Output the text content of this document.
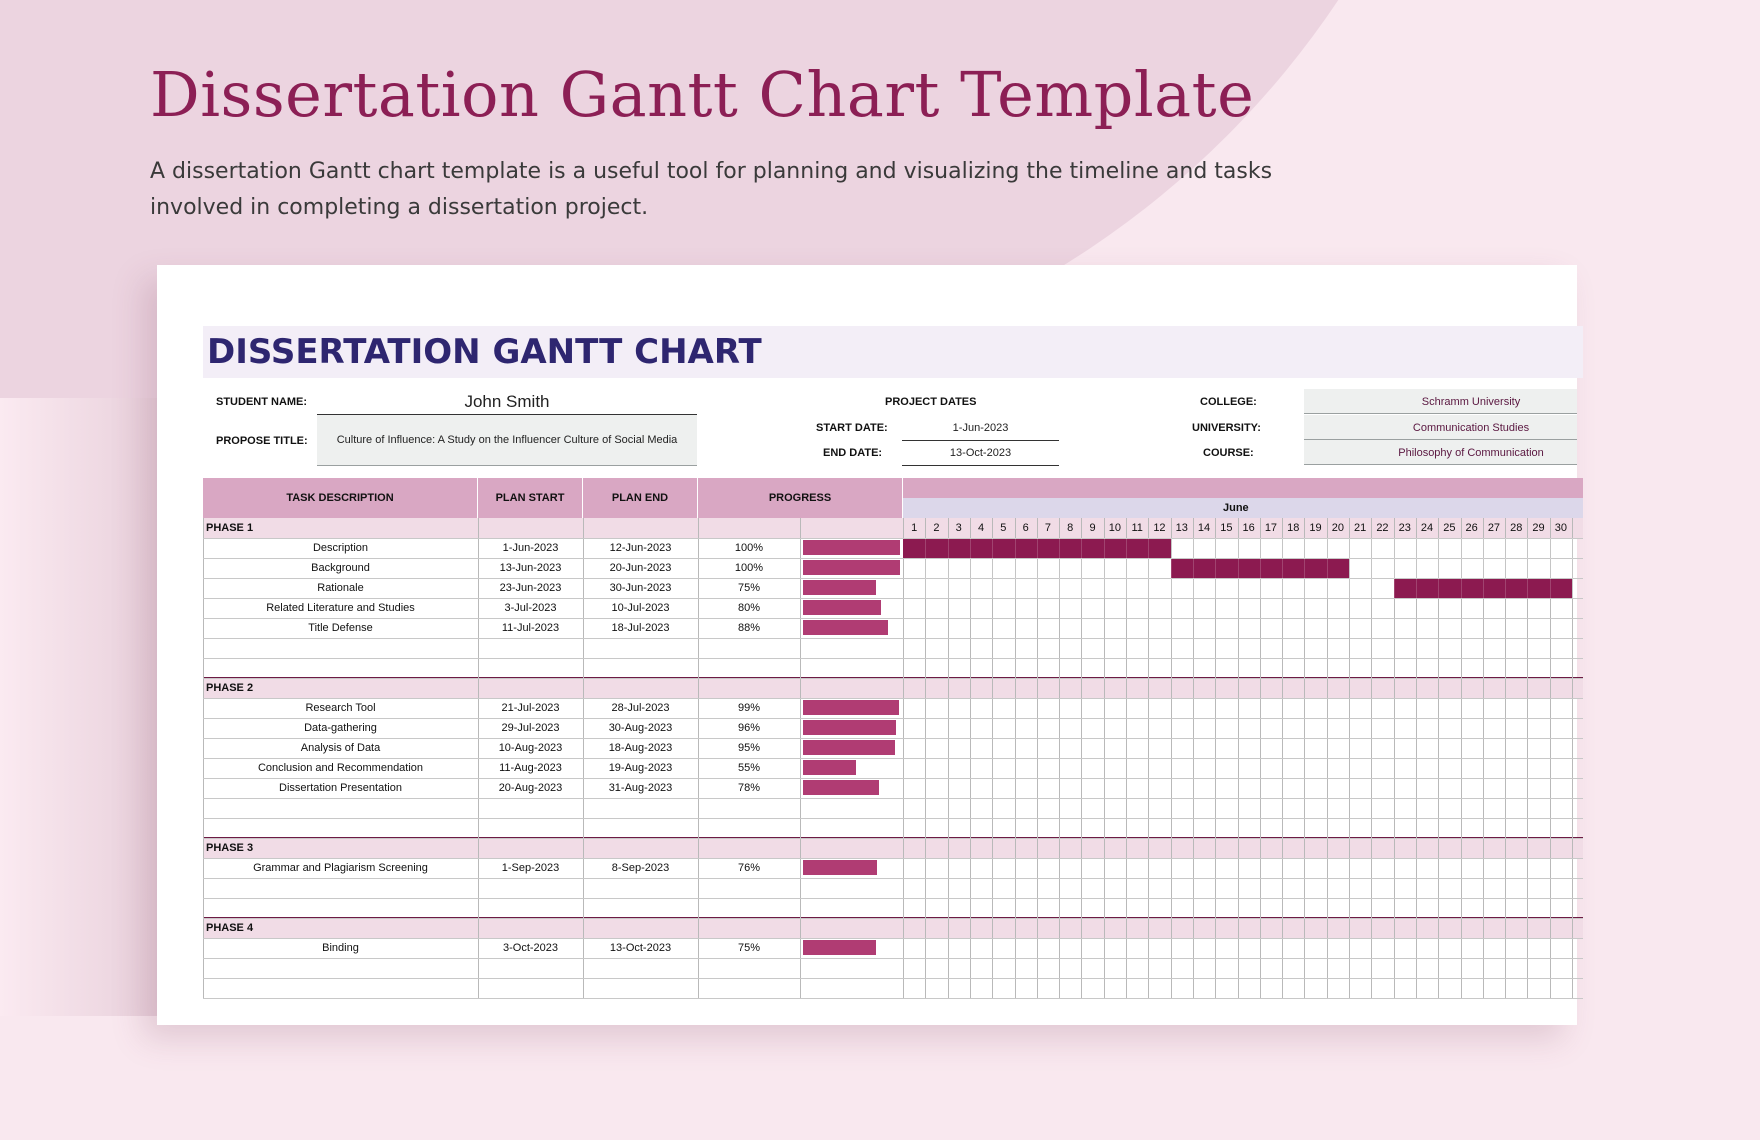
Dissertation Gantt Chart Template
A dissertation Gantt chart template is a useful tool for planning and visualizing the timeline and tasks involved in completing a dissertation project.
DISSERTATION GANTT CHART
STUDENT NAME:	John Smith
PROPOSE TITLE:	Culture of Influence: A Study on the Influencer Culture of Social Media
PROJECT DATES
START DATE:	1-Jun-2023
END DATE:	13-Oct-2023
COLLEGE:	Schramm University
UNIVERSITY:	Communication Studies
COURSE:	Philosophy of Communication
TASK DESCRIPTION	PLAN START	PLAN END	PROGRESS
June
1	2	3	4	5	6	7	8	9	10 11 12 13 14 15 16 17 18 19 20 21 22 23 24 25 26 27 28 29 30
PHASE 1
Description	1-Jun-2023	12-Jun-2023	100%
Background	13-Jun-2023	20-Jun-2023	100%
Rationale	23-Jun-2023	30-Jun-2023	75%
Related Literature and Studies	3-Jul-2023	10-Jul-2023	80%
Title Defense	11-Jul-2023	18-Jul-2023	88%
PHASE 2
Research Tool	21-Jul-2023	28-Jul-2023	99%
Data-gathering	29-Jul-2023	30-Aug-2023	96%
Analysis of Data	10-Aug-2023	18-Aug-2023	95%
Conclusion and Recommendation	11-Aug-2023	19-Aug-2023	55%
Dissertation Presentation	20-Aug-2023	31-Aug-2023	78%
PHASE 3
Grammar and Plagiarism Screening	1-Sep-2023	8-Sep-2023	76%
PHASE 4
Binding	3-Oct-2023	13-Oct-2023	75%
